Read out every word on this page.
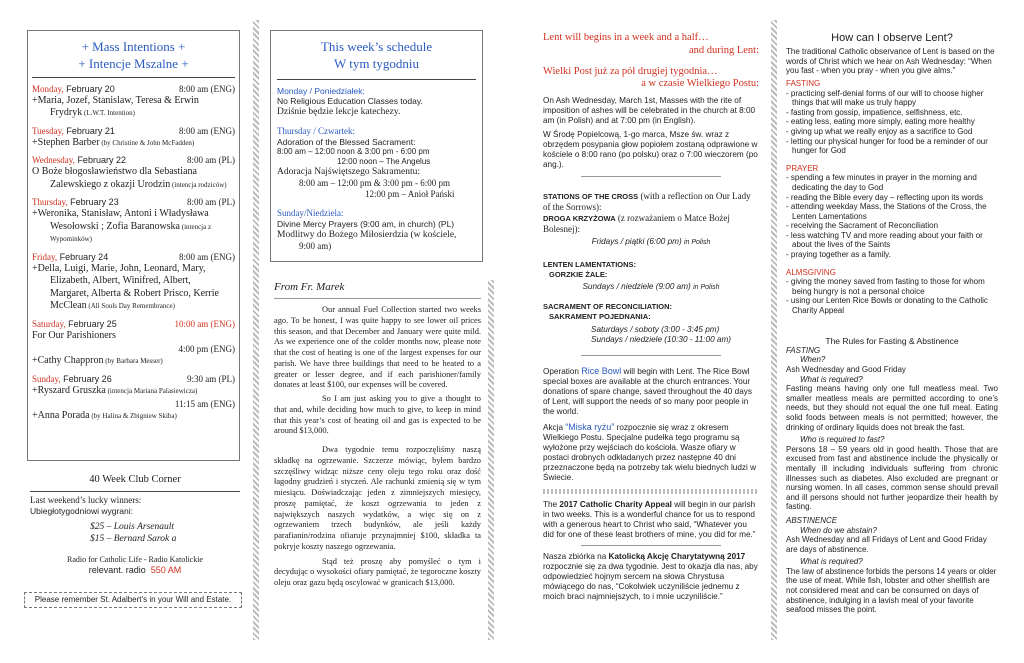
+ Mass Intentions +
+ Intencje Mszalne +
Monday, February 20	8:00 am (ENG)
+Maria, Jozef, Stanislaw, Teresa & Erwin
Frydryk (L.W.T. Intention)
Tuesday, February 21	8:00 am (ENG)
+Stephen Barber (by Christine & John McFadden)
Wednesday, February 22	8:00 am (PL)
O Boże błogosławieństwo dla Sebastiana
Zalewskiego z okazji Urodzin (intencja rodziców)
Thursday, February 23	8:00 am (PL)
+Weronika, Stanisław, Antoni i Władysława
Wesołowski ; Zofia Baranowska (intencja z Wypominków)
Friday, February 24	8:00 am (ENG)
+Della, Luigi, Marie, John, Leonard, Mary,
Elizabeth, Albert, Winifred, Albert,
Margaret, Alberta & Robert Prisco, Kerrie
McClean (All Souls Day Remembrance)
Saturday, February 25	10:00 am (ENG)
For Our Parishioners
4:00 pm (ENG)
+Cathy Chappron (by Barbara Messer)
Sunday, February 26	9:30 am (PL)
+Ryszard Gruszka (intencja Mariana Palasiewicza)
11:15 am (ENG)
+Anna Porada (by Halina & Zbigniew Skiba)
40 Week Club Corner
Last weekend’s lucky winners:
Ubiegłotygodniowi wygrani:
$25 – Louis Arsenault
$15 – Bernard Sarok a
Radio for Catholic Life - Radio Katolickie
relevant. radio 550 AM
Please remember St. Adalbert’s in your Will and Estate.
This week’s schedule
W tym tygodniu
Monday / Poniedziałek:
No Religious Education Classes today.
Dziśnie będzie lekcje katechezy.
Thursday / Czwartek:
Adoration of the Blessed Sacrament:
8:00 am – 12:00 noon & 3:00 pm - 6:00 pm
12:00 noon – The Angelus
Adoracja Najświętszego Sakramentu:
8:00 am – 12:00 pm & 3:00 pm - 6:00 pm
12:00 pm – Anioł Pański
Sunday/Niedziela:
Divine Mercy Prayers (9:00 am, in church) (PL)
Modlitwy do Bożego Miłosierdzia (w kościele,
9:00 am)
From Fr. Marek

Our annual Fuel Collection started two weeks ago. To be honest, I was quite happy to see lower oil prices this season, and that December and January were quite mild. As we experience one of the colder months now, please note that the cost of heating is one of the largest expenses for our parish. We have three buildings that need to be heated to a greater or lesser degree, and if each parishioner/family donates at least $100, our expenses will be covered.

So I am just asking you to give a thought to that and, while deciding how much to give, to keep in mind that this year’s cost of heating oil and gas is expected to be around $13,000.

Dwa tygodnie temu rozpoczęliśmy naszą składkę na ogrzewanie. Szczerze mówiąc, byłem bardzo szczęśliwy widząc niższe ceny oleju tego roku oraz dość łagodny grudzień i styczeń. Ale rachunki zmienią się w tym miesiącu. Doświadczając jeden z zimniejszych miesięcy, proszę pamiętać, że koszt ogrzewania to jeden z największych naszych wydatków, a więc się on z ogrzewaniem trzech budynków, ale jeśli każdy parafianin/rodzina ofiaruje przynajmniej $100, składka ta pokryje koszty naszego ogrzewania.

Stąd też proszę aby pomyśleć o tym i decydując o wysokości ofiary pamiętać, że tegoroczne koszty oleju oraz gazu będą oscylować w granicach $13,000.

Lent will begins in a week and a half…
and during Lent:
Wielki Post już za pół drugiej tygodnia…
a w czasie Wielkiego Postu:

On Ash Wednesday, March 1st, Masses with the rite of imposition of ashes will be celebrated in the church at 8:00 am (in Polish) and at 7:00 pm (in English).

W Środę Popielcową, 1-go marca, Msze św. wraz z obrzędem posypania głow popiołem zostaną odprawione w kościele o 8:00 rano (po polsku) oraz o 7:00 wieczorem (po ang.).

STATIONS OF THE CROSS (with a reflection on Our Lady of the Sorrows):
DROGA KRZYŻOWA (z rozważaniem o Matce Bożej Bolesnej):
Fridays / piątki (6:00 pm) in Polish
LENTEN LAMENTATIONS:
GORZKIE ŻALE:
Sundays / niedziele (9:00 am) in Polish
SACRAMENT OF RECONCILIATION:
SAKRAMENT POJEDNANIA:
Saturdays / soboty (3:00 - 3:45 pm)
Sundays / niedziele (10:30 - 11:00 am)

Operation Rice Bowl will begin with Lent. The Rice Bowl special boxes are available at the church entrances. Your donations of spare change, saved throughout the 40 days of Lent, will support the needs of so many poor people in the world.

Akcja “Miska ryżu” rozpocznie się wraz z okresem Wielkiego Postu. Specjalne pudełka tego programu są wyłożone przy wejściach do kościoła. Wasze ofiary w postaci drobnych odkładanych przez następne 40 dni przeznaczone będą na potrzeby tak wielu biednych ludzi w Świecie.

The 2017 Catholic Charity Appeal will begin in our parish in two weeks. This is a wonderful chance for us to respond with a generous heart to Christ who said, “Whatever you did for one of these least brothers of mine, you did for me.”

Nasza zbiórka na Katolicką Akcję Charytatywną 2017 rozpocznie się za dwa tygodnie. Jest to okazja dla nas, aby odpowiedzieć hojnym sercem na słowa Chrystusa mówiącego do nas, “Cokolwiek uczyniliście jednemu z moich braci najmniejszych, to i mnie uczyniliście.”

How can I observe Lent?

The traditional Catholic observance of Lent is based on the words of Christ which we hear on Ash Wednesday: “When you fast - when you pray - when you give alms.”

FASTING
- practicing self-denial forms of our will to choose higher things that will make us truly happy
- fasting from gossip, impatience, selfishness, etc.
- eating less, eating more simply, eating more healthy
- giving up what we really enjoy as a sacrifice to God
- letting our physical hunger for food be a reminder of our hunger for God
PRAYER
- spending a few minutes in prayer in the morning and dedicating the day to God
- reading the Bible every day – reflecting upon its words
- attending weekday Mass, the Stations of the Cross, the Lenten Lamentations
- receiving the Sacrament of Reconciliation
- less watching TV and more reading about your faith or about the lives of the Saints
- praying together as a family.
ALMSGIVING
- giving the money saved from fasting to those for whom being hungry is not a personal choice
- using our Lenten Rice Bowls or donating to the Catholic Charity Appeal
The Rules for Fasting & Abstinence
FASTING
When?
Ash Wednesday and Good Friday
What is required?

Fasting means having only one full meatless meal. Two smaller meatless meals are permitted according to one’s needs, but they should not equal the one full meal. Eating solid foods between meals is not permitted; however, the drinking of ordinary liquids does not break the fast.

Who is required to fast?

Persons 18 – 59 years old in good health. Those that are excused from fast and abstinence include the physically or mentally ill including individuals suffering from chronic illnesses such as diabetes. Also excluded are pregnant or nursing women. In all cases, common sense should prevail and ill persons should not further jeopardize their health by fasting.

ABSTINENCE
When do we abstain?

Ash Wednesday and all Fridays of Lent and Good Friday are days of abstinence.

What is required?

The law of abstinence forbids the persons 14 years or older the use of meat. While fish, lobster and other shellfish are not considered meat and can be consumed on days of abstinence, indulging in a lavish meal of your favorite seafood misses the point.
